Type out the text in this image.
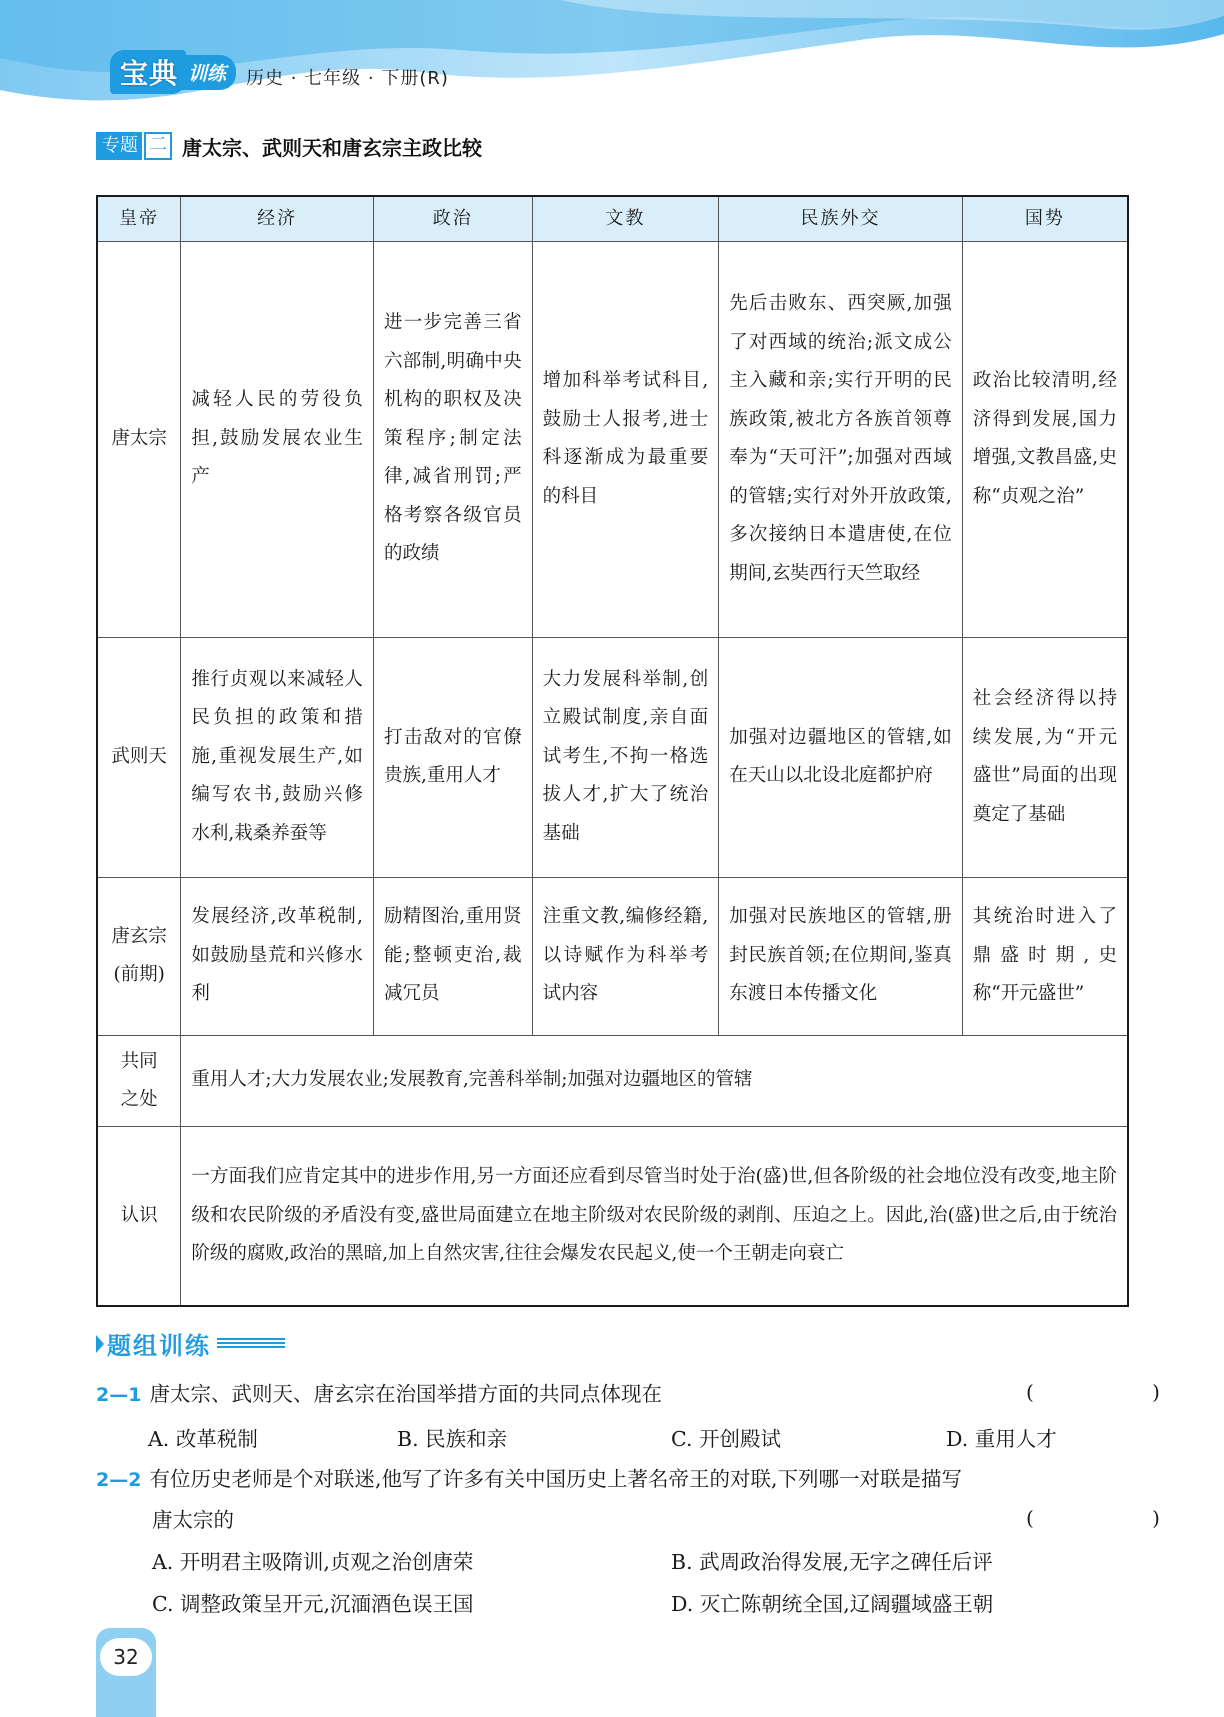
宝典 训练	历史 · 七年级 · 下册(R)
专题 二 唐太宗、武则天和唐玄宗主政比较
皇帝	经济	政治	文教	民族外交	国势
唐太宗	减轻人民的劳役负担,鼓励发展农业生产	进一步完善三省六部制,明确中央机构的职权及决策程序;制定法律,减省刑罚;严格考察各级官员的政绩	增加科举考试科目,鼓励士人报考,进士科逐渐成为最重要的科目	先后击败东、西突厥,加强了对西域的统治;派文成公主入藏和亲;实行开明的民族政策,被北方各族首领尊奉为“天可汗”;加强对西域的管辖;实行对外开放政策,多次接纳日本遣唐使,在位期间,玄奘西行天竺取经	政治比较清明,经济得到发展,国力增强,文教昌盛,史称“贞观之治”
武则天	推行贞观以来减轻人民负担的政策和措施,重视发展生产,如编写农书,鼓励兴修水利,栽桑养蚕等	打击敌对的官僚贵族,重用人才	大力发展科举制,创立殿试制度,亲自面试考生,不拘一格选拔人才,扩大了统治基础	加强对边疆地区的管辖,如在天山以北设北庭都护府	社会经济得以持续发展,为“开元盛世”局面的出现奠定了基础

唐玄宗
(前期)	发展经济,改革税制,如鼓励垦荒和兴修水利	励精图治,重用贤能;整顿吏治,裁减冗员	注重文教,编修经籍,以诗赋作为科举考试内容	加强对民族地区的管辖,册封民族首领;在位期间,鉴真东渡日本传播文化	其统治时进入了鼎盛时期,史称“开元盛世”

共同
之处	重用人才;大力发展农业;发展教育,完善科举制;加强对边疆地区的管辖				
认识	一方面我们应肯定其中的进步作用,另一方面还应看到尽管当时处于治(盛)世,但各阶级的社会地位没有改变,地主阶级和农民阶级的矛盾没有变,盛世局面建立在地主阶级对农民阶级的剥削、压迫之上。因此,治(盛)世之后,由于统治阶级的腐败,政治的黑暗,加上自然灾害,往往会爆发农民起义,使一个王朝走向衰亡				
题组训练
2—1 唐太宗、武则天、唐玄宗在治国举措方面的共同点体现在	( )
A. 改革税制	B. 民族和亲	C. 开创殿试	D. 重用人才
2—2 有位历史老师是个对联迷,他写了许多有关中国历史上著名帝王的对联,下列哪一对联是描写
唐太宗的	( )
A. 开明君主吸隋训,贞观之治创唐荣	B. 武周政治得发展,无字之碑任后评
C. 调整政策呈开元,沉湎酒色误王国	D. 灭亡陈朝统全国,辽阔疆域盛王朝
32
